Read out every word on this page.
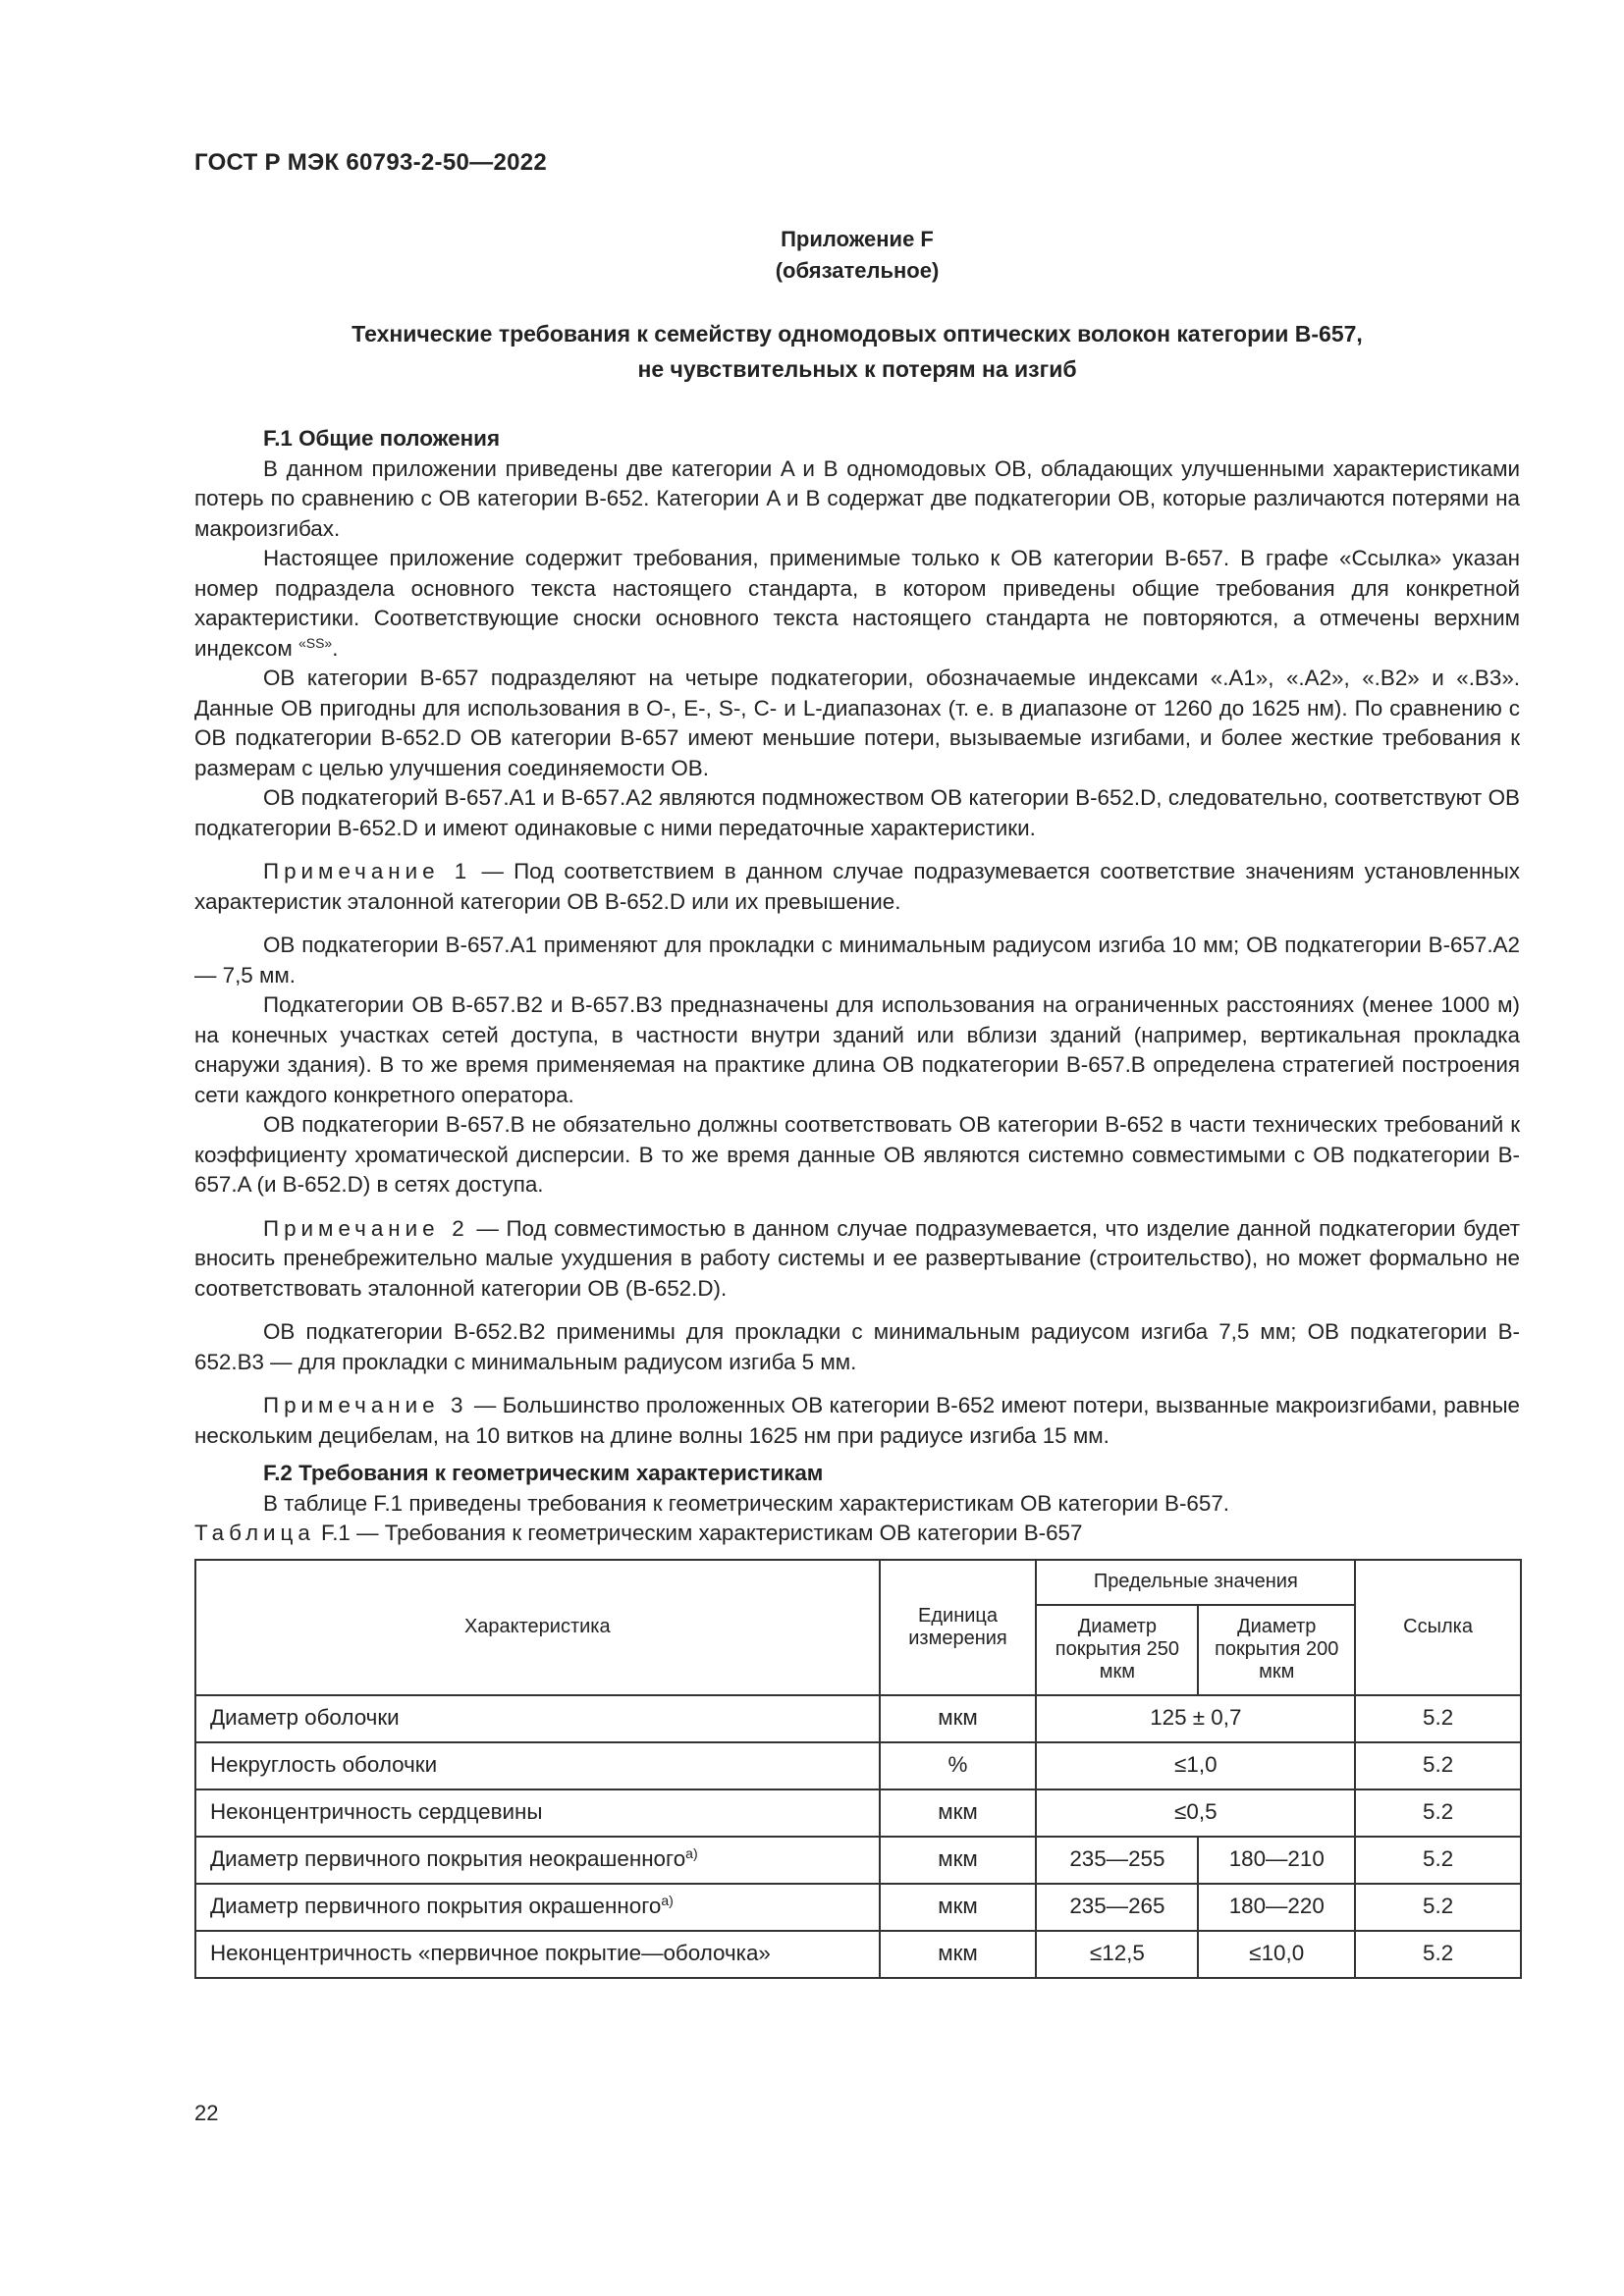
ГОСТ Р МЭК 60793-2-50—2022
Приложение F
(обязательное)
Технические требования к семейству одномодовых оптических волокон категории B-657,
не чувствительных к потерям на изгиб
F.1 Общие положения

В данном приложении приведены две категории A и B одномодовых ОВ, обладающих улучшенными характеристиками потерь по сравнению с ОВ категории B-652. Категории A и B содержат две подкатегории ОВ, которые различаются потерями на макроизгибах.

Настоящее приложение содержит требования, применимые только к ОВ категории B-657. В графе «Ссылка» указан номер подраздела основного текста настоящего стандарта, в котором приведены общие требования для конкретной характеристики. Соответствующие сноски основного текста настоящего стандарта не повторяются, а отмечены верхним индексом $^{«SS»}$.

ОВ категории B-657 подразделяют на четыре подкатегории, обозначаемые индексами «.A1», «.A2», «.B2» и «.B3». Данные ОВ пригодны для использования в O-, E-, S-, C- и L-диапазонах (т. е. в диапазоне от 1260 до 1625 нм). По сравнению с ОВ подкатегории B-652.D ОВ категории B-657 имеют меньшие потери, вызываемые изгибами, и более жесткие требования к размерам с целью улучшения соединяемости ОВ.

ОВ подкатегорий B-657.A1 и B-657.A2 являются подмножеством ОВ категории B-652.D, следовательно, соответствуют ОВ подкатегории B-652.D и имеют одинаковые с ними передаточные характеристики.

Примечание 1 — Под соответствием в данном случае подразумевается соответствие значениям установленных характеристик эталонной категории ОВ B-652.D или их превышение.

ОВ подкатегории B-657.A1 применяют для прокладки с минимальным радиусом изгиба 10 мм; ОВ подкатегории B-657.A2 — 7,5 мм.

Подкатегории ОВ B-657.B2 и B-657.B3 предназначены для использования на ограниченных расстояниях (менее 1000 м) на конечных участках сетей доступа, в частности внутри зданий или вблизи зданий (например, вертикальная прокладка снаружи здания). В то же время применяемая на практике длина ОВ подкатегории B-657.B определена стратегией построения сети каждого конкретного оператора.

ОВ подкатегории B-657.B не обязательно должны соответствовать ОВ категории B-652 в части технических требований к коэффициенту хроматической дисперсии. В то же время данные ОВ являются системно совместимыми с ОВ подкатегории B-657.A (и B-652.D) в сетях доступа.

Примечание 2 — Под совместимостью в данном случае подразумевается, что изделие данной подкатегории будет вносить пренебрежительно малые ухудшения в работу системы и ее развертывание (строительство), но может формально не соответствовать эталонной категории ОВ (B-652.D).

ОВ подкатегории B-652.B2 применимы для прокладки с минимальным радиусом изгиба 7,5 мм; ОВ подкатегории B-652.B3 — для прокладки с минимальным радиусом изгиба 5 мм.

Примечание 3 — Большинство проложенных ОВ категории B-652 имеют потери, вызванные макроизгибами, равные нескольким децибелам, на 10 витков на длине волны 1625 нм при радиусе изгиба 15 мм.

F.2 Требования к геометрическим характеристикам

В таблице F.1 приведены требования к геометрическим характеристикам ОВ категории B-657.

Таблица F.1 — Требования к геометрическим характеристикам ОВ категории B-657

Характеристика	Единица измерения	Предельные значения		Ссылка
		Диаметр покрытия 250 мкм	Диаметр покрытия 200 мкм	
Диаметр оболочки	мкм	125 ± 0,7		5.2
Некруглость оболочки	%	≤1,0		5.2
Неконцентричность сердцевины	мкм	≤0,5		5.2
Диаметр первичного покрытия неокрашенного$^{а)}$	мкм	235—255	180—210	5.2
Диаметр первичного покрытия окрашенного$^{а)}$	мкм	235—265	180—220	5.2
Неконцентричность «первичное покрытие—оболочка»	мкм	≤12,5	≤10,0	5.2
22
